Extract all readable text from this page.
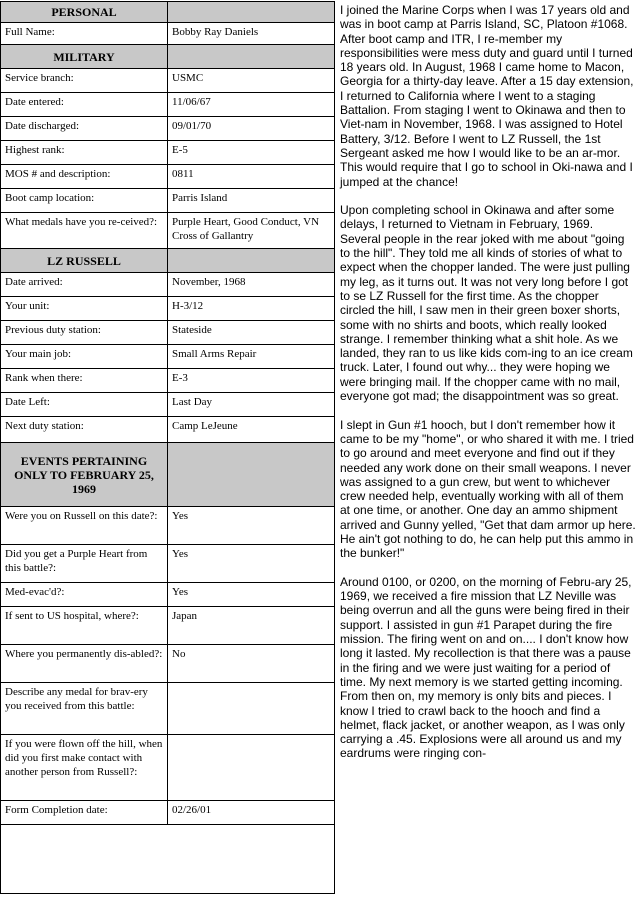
PERSONAL	
Full Name:	Bobby Ray Daniels
MILITARY	
Service branch:	USMC
Date entered:	11/06/67
Date discharged:	09/01/70
Highest rank:	E-5
MOS # and description:	0811
Boot camp location:	Parris Island
What medals have you re-ceived?:	Purple Heart, Good Conduct, VN Cross of Gallantry
LZ RUSSELL	
Date arrived:	November, 1968
Your unit:	H-3/12
Previous duty station:	Stateside
Your main job:	Small Arms Repair
Rank when there:	E-3
Date Left:	Last Day
Next duty station:	Camp LeJeune
EVENTS PERTAINING ONLY TO FEBRUARY 25, 1969	
Were you on Russell on this date?:	Yes
Did you get a Purple Heart from this battle?:	Yes
Med-evac'd?:	Yes
If sent to US hospital, where?:	Japan
Where you permanently dis-abled?:	No
Describe any medal for brav-ery you received from this battle:	
If you were flown off the hill, when did you first make contact with another person from Russell?:	
Form Completion date:	02/26/01

I joined the Marine Corps when I was 17 years old and was in boot camp at Parris Island, SC, Platoon #1068. After boot camp and ITR, I re-member my responsibilities were mess duty and guard until I turned 18 years old. In August, 1968 I came home to Macon, Georgia for a thirty-day leave. After a 15 day extension, I returned to California where I went to a staging Battalion. From staging I went to Okinawa and then to Viet-nam in November, 1968. I was assigned to Hotel Battery, 3/12. Before I went to LZ Russell, the 1st Sergeant asked me how I would like to be an ar-mor. This would require that I go to school in Oki-nawa and I jumped at the chance!

Upon completing school in Okinawa and after some delays, I returned to Vietnam in February, 1969. Several people in the rear joked with me about "going to the hill". They told me all kinds of stories of what to expect when the chopper landed. The were just pulling my leg, as it turns out. It was not very long before I got to se LZ Russell for the first time. As the chopper circled the hill, I saw men in their green boxer shorts, some with no shirts and boots, which really looked strange. I remember thinking what a shit hole. As we landed, they ran to us like kids com-ing to an ice cream truck. Later, I found out why... they were hoping we were bringing mail. If the chopper came with no mail, everyone got mad; the disappointment was so great.

I slept in Gun #1 hooch, but I don't remember how it came to be my "home", or who shared it with me. I tried to go around and meet everyone and find out if they needed any work done on their small weapons. I never was assigned to a gun crew, but went to whichever crew needed help, eventually working with all of them at one time, or another. One day an ammo shipment arrived and Gunny yelled, "Get that dam armor up here. He ain't got nothing to do, he can help put this ammo in the bunker!"

Around 0100, or 0200, on the morning of Febru-ary 25, 1969, we received a fire mission that LZ Neville was being overrun and all the guns were being fired in their support. I assisted in gun #1 Parapet during the fire mission. The firing went on and on.... I don't know how long it lasted. My recollection is that there was a pause in the firing and we were just waiting for a period of time. My next memory is we started getting incoming. From then on, my memory is only bits and pieces. I know I tried to crawl back to the hooch and find a helmet, flack jacket, or another weapon, as I was only carrying a .45. Explosions were all around us and my eardrums were ringing con-
